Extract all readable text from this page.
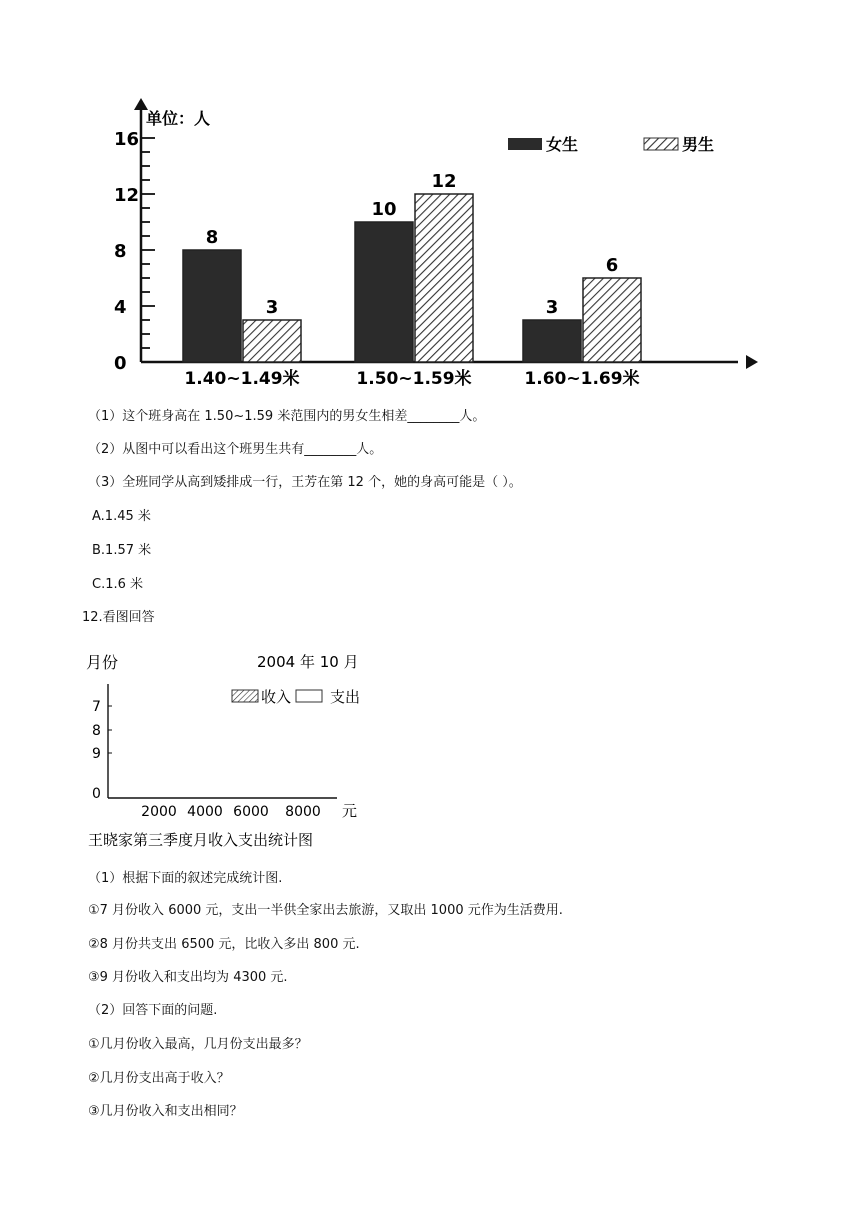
0
4
8
12
16
8
3
1.40~1.49米
10
12
1.50~1.59米
3
6
1.60~1.69米
单位：人
女生	男生
（1）这个班身高在 1.50~1.59 米范围内的男女生相差________人。
（2）从图中可以看出这个班男生共有________人。
（3）全班同学从高到矮排成一行，王芳在第 12 个，她的身高可能是（ ）。
A.1.45 米
B.1.57 米
C.1.6 米
12.看图回答
月份	2004 年 10 月
收入	支出
0
9
8
7
2000 4000 6000 8000 元
王晓家第三季度月收入支出统计图
（1）根据下面的叙述完成统计图.
①7 月份收入 6000 元，支出一半供全家出去旅游，又取出 1000 元作为生活费用.
②8 月份共支出 6500 元，比收入多出 800 元.
③9 月份收入和支出均为 4300 元.
（2）回答下面的问题.
①几月份收入最高，几月份支出最多？
②几月份支出高于收入？
③几月份收入和支出相同？
